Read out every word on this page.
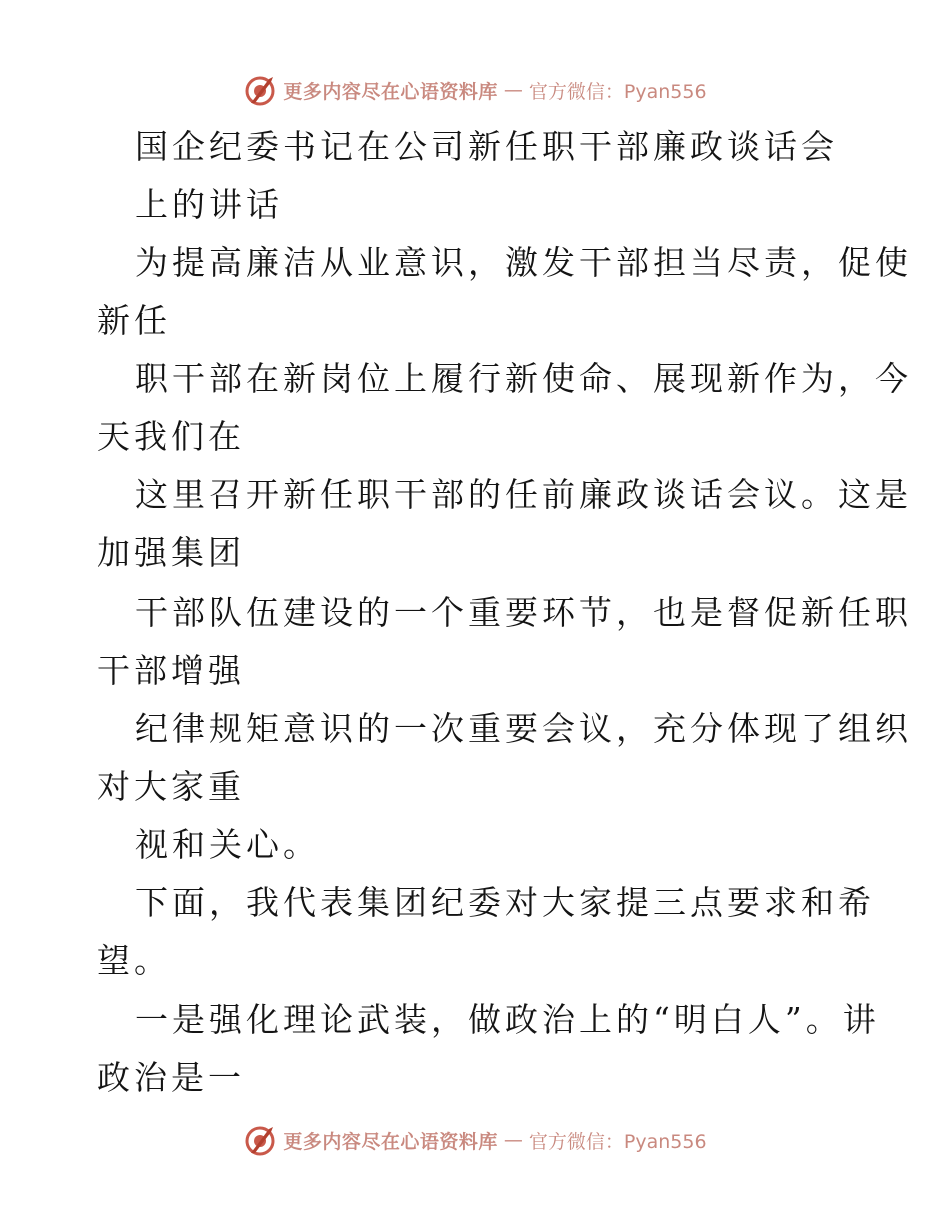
更多内容尽在心语资料库 — 官方微信：Pyan556
国企纪委书记在公司新任职干部廉政谈话会
上的讲话
为提高廉洁从业意识，激发干部担当尽责，促使
新任
职干部在新岗位上履行新使命、展现新作为，今
天我们在
这里召开新任职干部的任前廉政谈话会议。这是
加强集团
干部队伍建设的一个重要环节，也是督促新任职
干部增强
纪律规矩意识的一次重要会议，充分体现了组织
对大家重
视和关心。
下面，我代表集团纪委对大家提三点要求和希
望。
一是强化理论武装，做政治上的“明白人”。讲
政治是一
更多内容尽在心语资料库 — 官方微信：Pyan556
